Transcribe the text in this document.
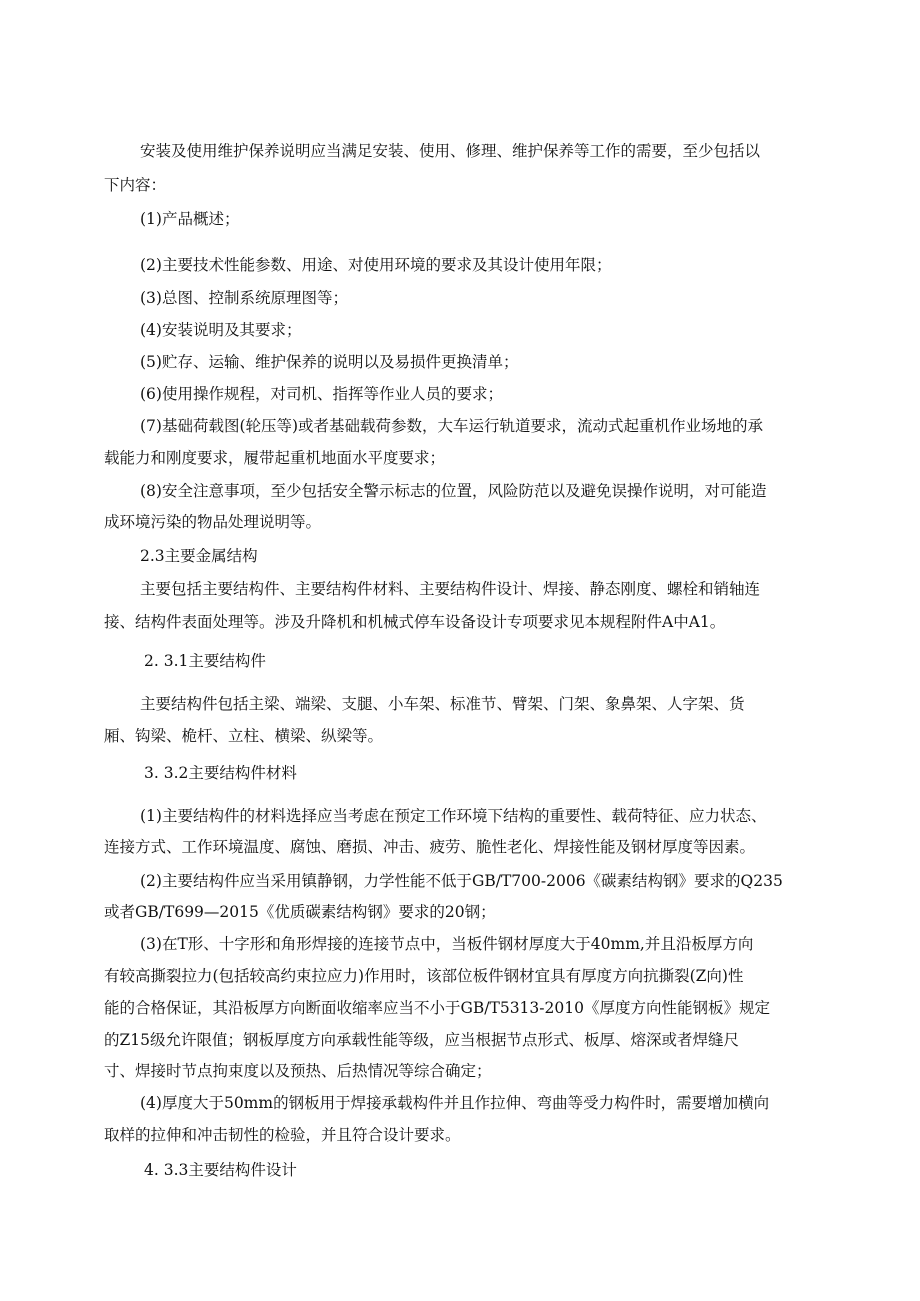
安装及使用维护保养说明应当满足安装、使用、修理、维护保养等工作的需要，至少包括以
下内容：
(1)产品概述；
(2)主要技术性能参数、用途、对使用环境的要求及其设计使用年限；
(3)总图、控制系统原理图等；
(4)安装说明及其要求；
(5)贮存、运输、维护保养的说明以及易损件更换清单；
(6)使用操作规程，对司机、指挥等作业人员的要求；
(7)基础荷载图(轮压等)或者基础载荷参数，大车运行轨道要求，流动式起重机作业场地的承
载能力和刚度要求，履带起重机地面水平度要求；
(8)安全注意事项，至少包括安全警示标志的位置，风险防范以及避免误操作说明，对可能造
成环境污染的物品处理说明等。
2.3主要金属结构
主要包括主要结构件、主要结构件材料、主要结构件设计、焊接、静态刚度、螺栓和销轴连
接、结构件表面处理等。涉及升降机和机械式停车设备设计专项要求见本规程附件A中A1。
2. 3.1主要结构件
主要结构件包括主梁、端梁、支腿、小车架、标准节、臂架、门架、象鼻架、人字架、货
厢、钩梁、桅杆、立柱、横梁、纵梁等。
3. 3.2主要结构件材料
(1)主要结构件的材料选择应当考虑在预定工作环境下结构的重要性、载荷特征、应力状态、
连接方式、工作环境温度、腐蚀、磨损、冲击、疲劳、脆性老化、焊接性能及钢材厚度等因素。
(2)主要结构件应当采用镇静钢，力学性能不低于GB/T700-2006《碳素结构钢》要求的Q235
或者GB/T699—2015《优质碳素结构钢》要求的20钢；
(3)在T形、十字形和角形焊接的连接节点中，当板件钢材厚度大于40mm,并且沿板厚方向
有较高撕裂拉力(包括较高约束拉应力)作用时，该部位板件钢材宜具有厚度方向抗撕裂(Z向)性
能的合格保证，其沿板厚方向断面收缩率应当不小于GB/T5313-2010《厚度方向性能钢板》规定
的Z15级允许限值；钢板厚度方向承载性能等级，应当根据节点形式、板厚、熔深或者焊缝尺
寸、焊接时节点拘束度以及预热、后热情况等综合确定；
(4)厚度大于50mm的钢板用于焊接承载构件并且作拉伸、弯曲等受力构件时，需要增加横向
取样的拉伸和冲击韧性的检验，并且符合设计要求。
4. 3.3主要结构件设计
